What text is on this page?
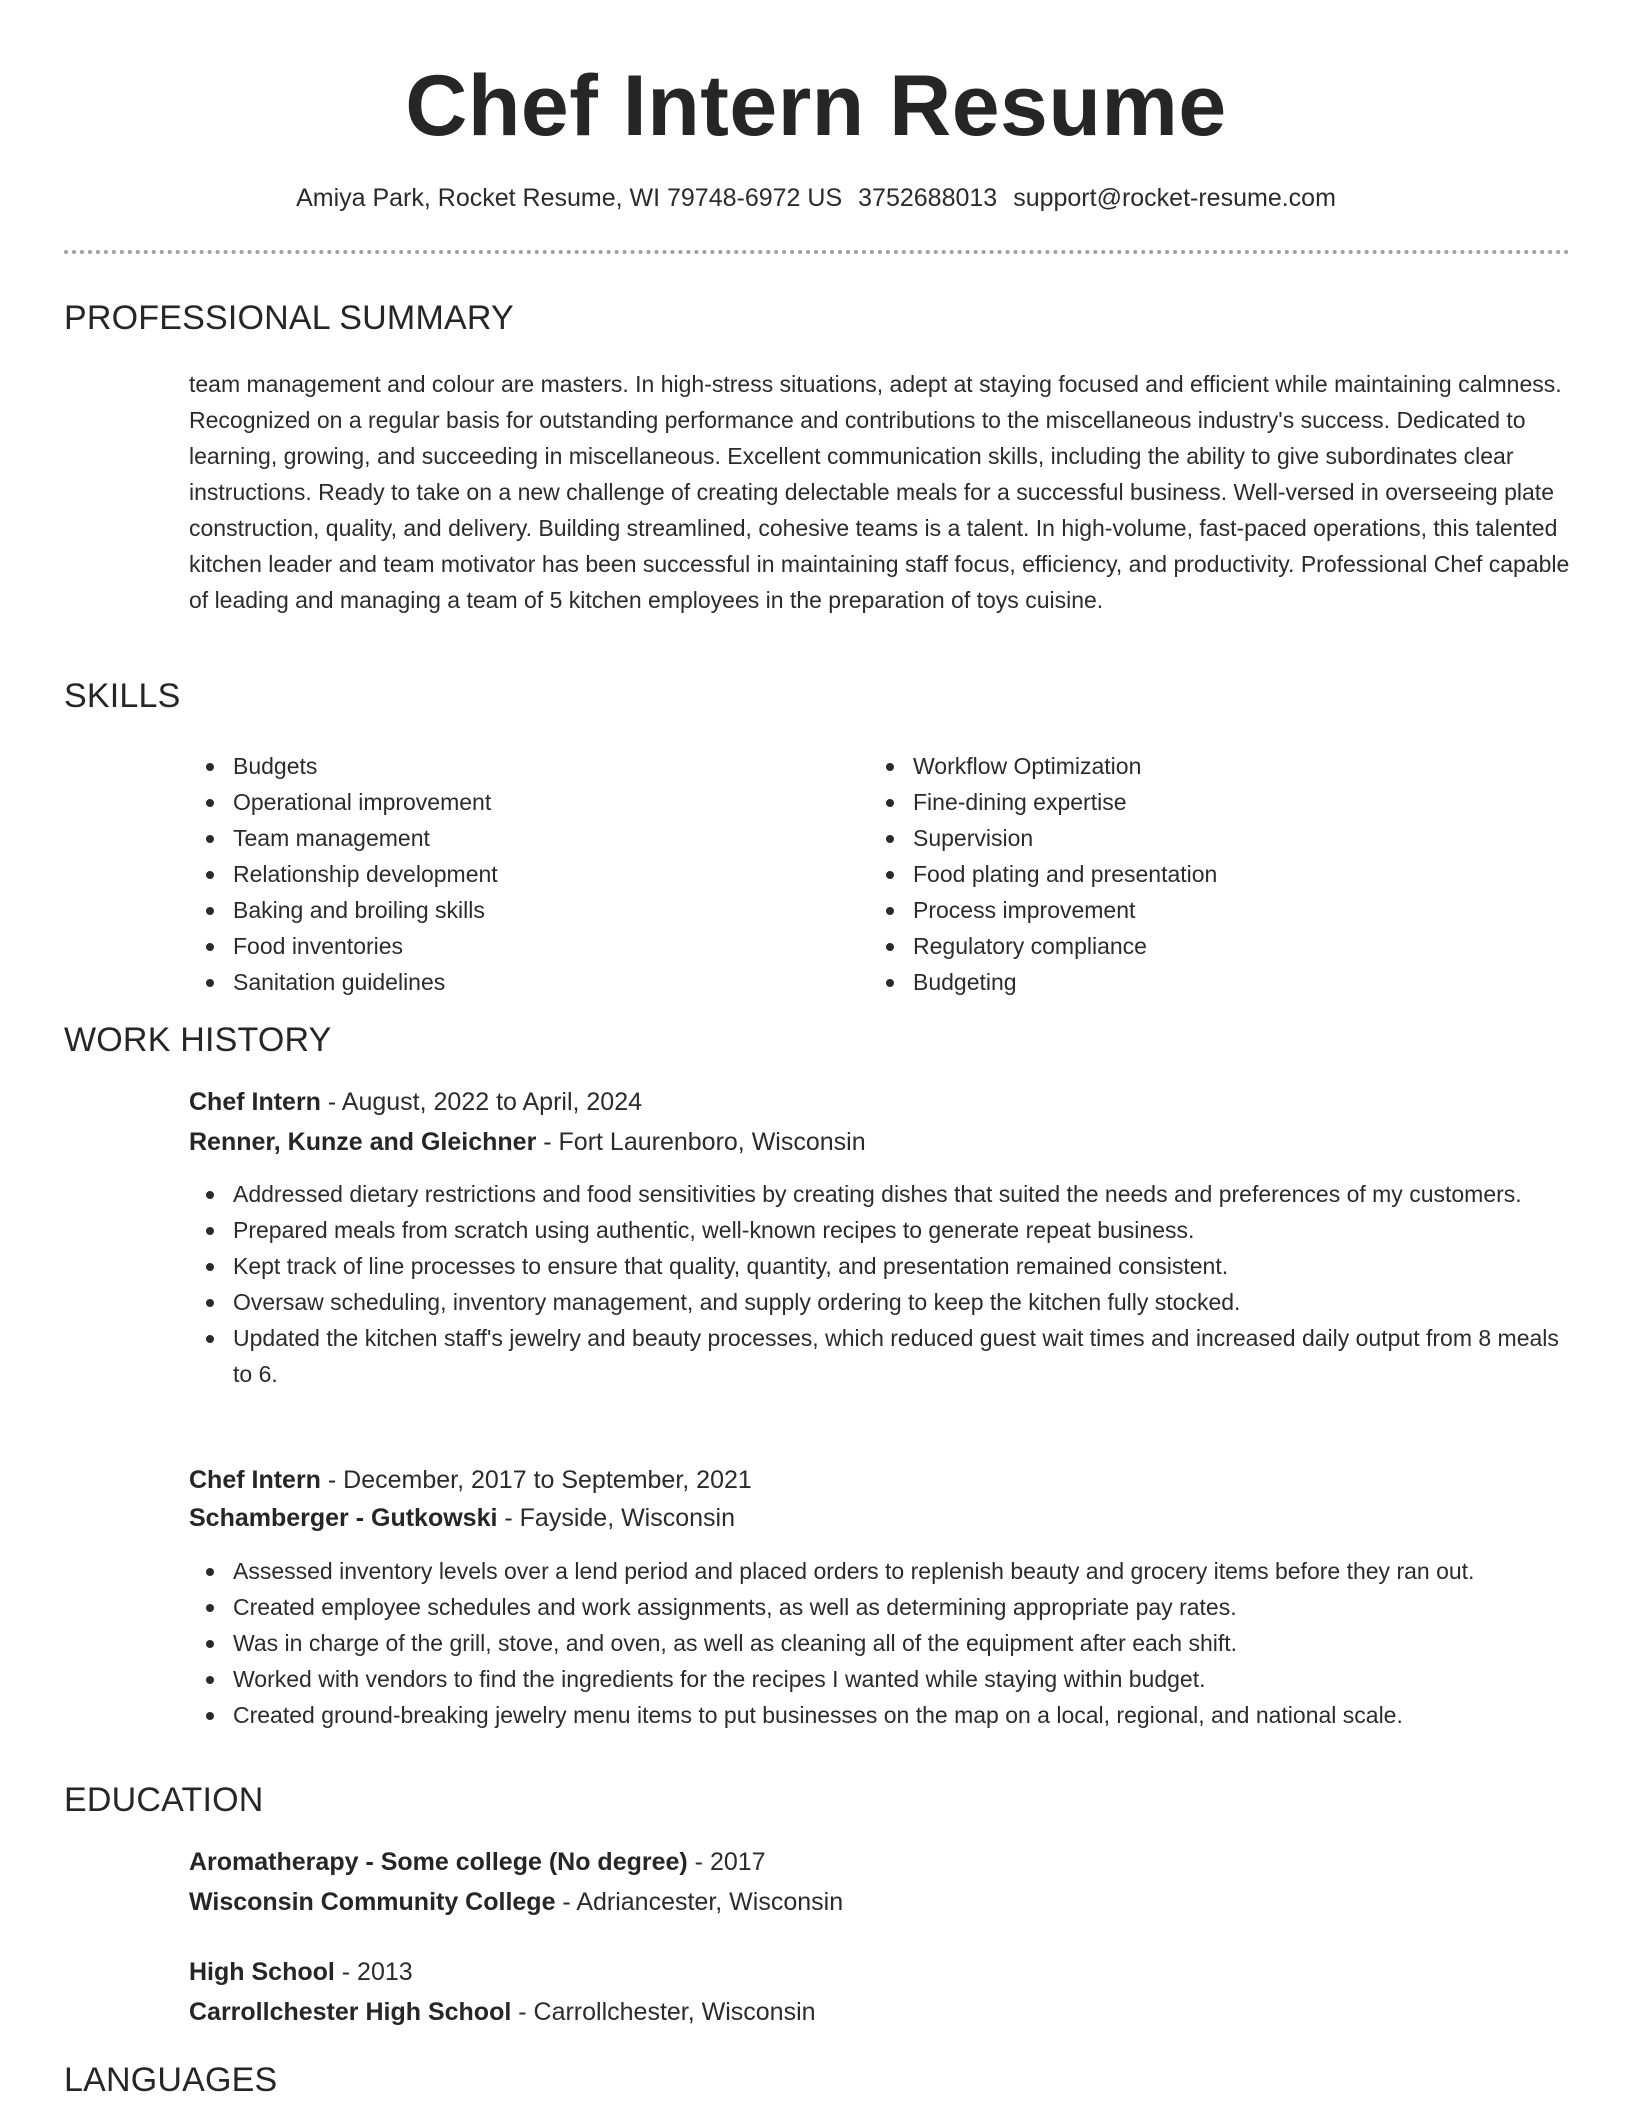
Chef Intern Resume
Amiya Park, Rocket Resume, WI 79748-6972 US 3752688013 support@rocket-resume.com
PROFESSIONAL SUMMARY
team management and colour are masters. In high-stress situations, adept at staying focused and efficient while maintaining calmness. Recognized on a regular basis for outstanding performance and contributions to the miscellaneous industry's success. Dedicated to learning, growing, and succeeding in miscellaneous. Excellent communication skills, including the ability to give subordinates clear instructions. Ready to take on a new challenge of creating delectable meals for a successful business. Well-versed in overseeing plate construction, quality, and delivery. Building streamlined, cohesive teams is a talent. In high-volume, fast-paced operations, this talented kitchen leader and team motivator has been successful in maintaining staff focus, efficiency, and productivity. Professional Chef capable of leading and managing a team of 5 kitchen employees in the preparation of toys cuisine.
SKILLS
Budgets
Operational improvement
Team management
Relationship development
Baking and broiling skills
Food inventories
Sanitation guidelines
Workflow Optimization
Fine-dining expertise
Supervision
Food plating and presentation
Process improvement
Regulatory compliance
Budgeting
WORK HISTORY
Chef Intern - August, 2022 to April, 2024
Renner, Kunze and Gleichner - Fort Laurenboro, Wisconsin
Addressed dietary restrictions and food sensitivities by creating dishes that suited the needs and preferences of my customers.
Prepared meals from scratch using authentic, well-known recipes to generate repeat business.
Kept track of line processes to ensure that quality, quantity, and presentation remained consistent.
Oversaw scheduling, inventory management, and supply ordering to keep the kitchen fully stocked.
Updated the kitchen staff's jewelry and beauty processes, which reduced guest wait times and increased daily output from 8 meals to 6.
Chef Intern - December, 2017 to September, 2021
Schamberger - Gutkowski - Fayside, Wisconsin
Assessed inventory levels over a lend period and placed orders to replenish beauty and grocery items before they ran out.
Created employee schedules and work assignments, as well as determining appropriate pay rates.
Was in charge of the grill, stove, and oven, as well as cleaning all of the equipment after each shift.
Worked with vendors to find the ingredients for the recipes I wanted while staying within budget.
Created ground-breaking jewelry menu items to put businesses on the map on a local, regional, and national scale.
EDUCATION
Aromatherapy - Some college (No degree) - 2017
Wisconsin Community College - Adriancester, Wisconsin
High School - 2013
Carrollchester High School - Carrollchester, Wisconsin
LANGUAGES
